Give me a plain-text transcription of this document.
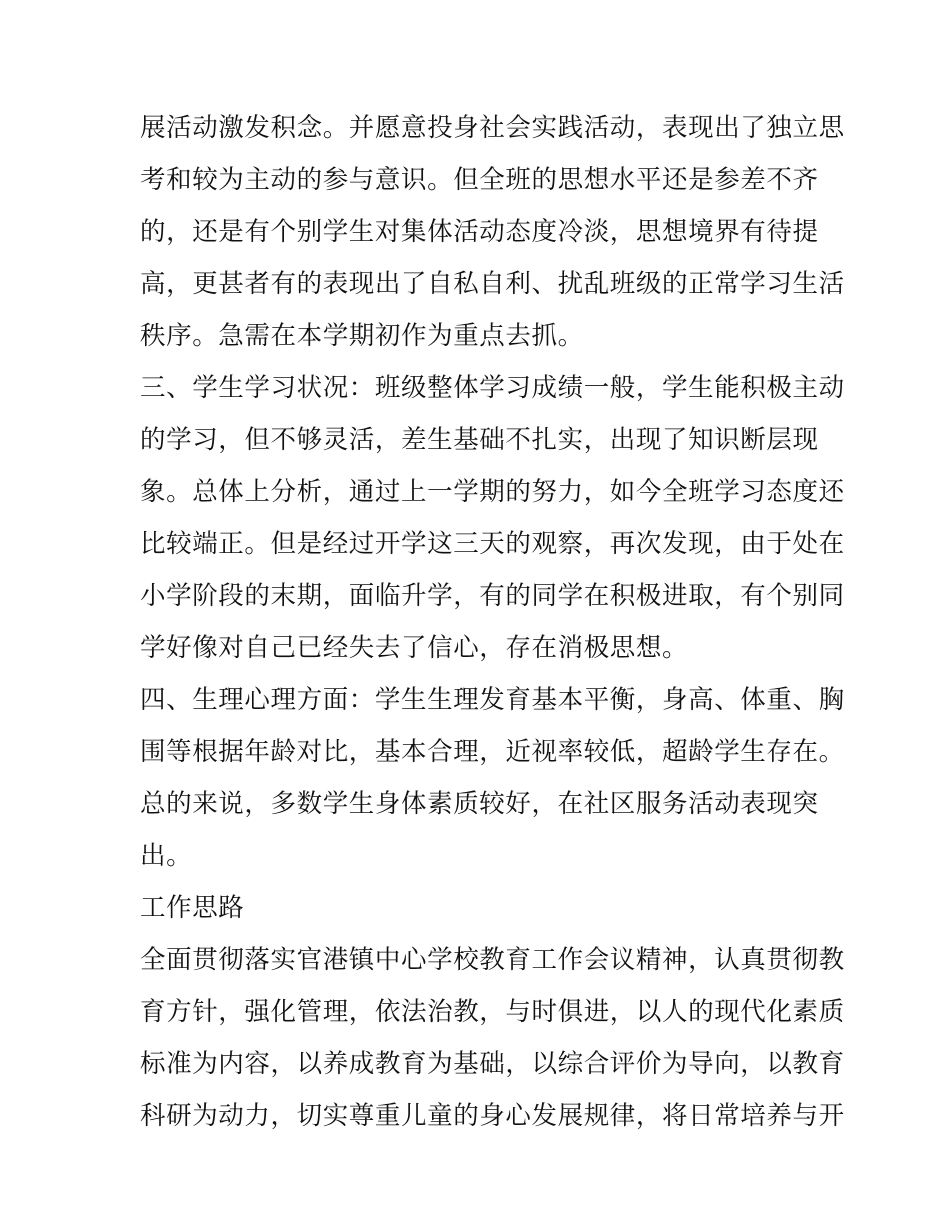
展活动激发积念。并愿意投身社会实践活动，表现出了独立思
考和较为主动的参与意识。但全班的思想水平还是参差不齐
的，还是有个别学生对集体活动态度冷淡，思想境界有待提
高，更甚者有的表现出了自私自利、扰乱班级的正常学习生活
秩序。急需在本学期初作为重点去抓。
三、学生学习状况：班级整体学习成绩一般，学生能积极主动
的学习，但不够灵活，差生基础不扎实，出现了知识断层现
象。总体上分析，通过上一学期的努力，如今全班学习态度还
比较端正。但是经过开学这三天的观察，再次发现，由于处在
小学阶段的末期，面临升学，有的同学在积极进取，有个别同
学好像对自己已经失去了信心，存在消极思想。
四、生理心理方面：学生生理发育基本平衡，身高、体重、胸
围等根据年龄对比，基本合理，近视率较低，超龄学生存在。
总的来说，多数学生身体素质较好，在社区服务活动表现突
出。
工作思路
全面贯彻落实官港镇中心学校教育工作会议精神，认真贯彻教
育方针，强化管理，依法治教，与时俱进，以人的现代化素质
标准为内容，以养成教育为基础，以综合评价为导向，以教育
科研为动力，切实尊重儿童的身心发展规律，将日常培养与开
